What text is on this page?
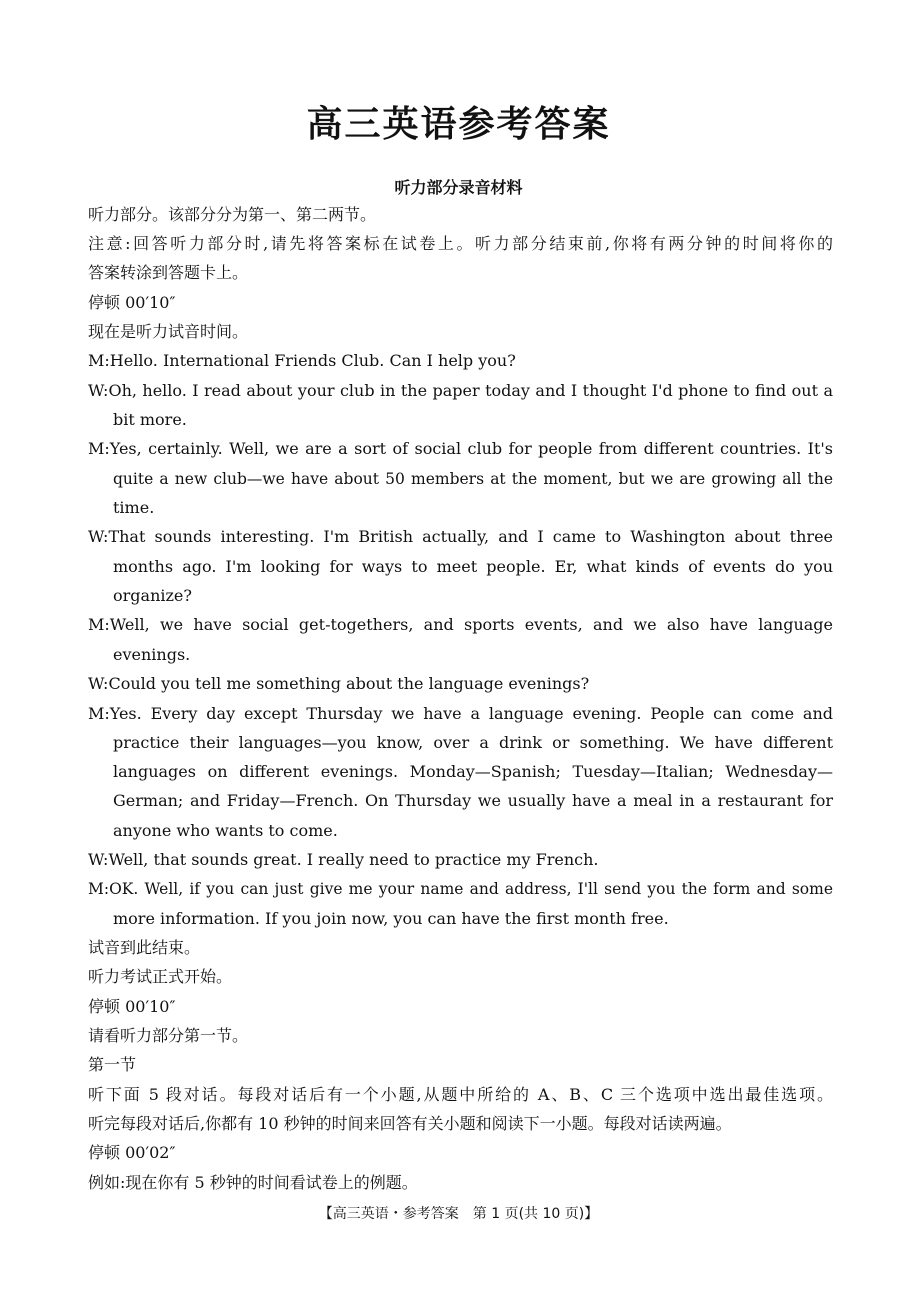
高三英语参考答案
听力部分录音材料
听力部分。该部分分为第一、第二两节。
注意:回答听力部分时,请先将答案标在试卷上。听力部分结束前,你将有两分钟的时间将你的
答案转涂到答题卡上。
停顿 00′10″
现在是听力试音时间。
M:Hello. International Friends Club. Can I help you?
W:Oh, hello. I read about your club in the paper today and I thought I'd phone to find out a
bit more.
M:Yes, certainly. Well, we are a sort of social club for people from different countries. It's
quite a new club—we have about 50 members at the moment, but we are growing all the
time.
W:That sounds interesting. I'm British actually, and I came to Washington about three
months ago. I'm looking for ways to meet people. Er, what kinds of events do you
organize?
M:Well, we have social get-togethers, and sports events, and we also have language
evenings.
W:Could you tell me something about the language evenings?
M:Yes. Every day except Thursday we have a language evening. People can come and
practice their languages—you know, over a drink or something. We have different
languages on different evenings. Monday—Spanish; Tuesday—Italian; Wednesday—
German; and Friday—French. On Thursday we usually have a meal in a restaurant for
anyone who wants to come.
W:Well, that sounds great. I really need to practice my French.
M:OK. Well, if you can just give me your name and address, I'll send you the form and some
more information. If you join now, you can have the first month free.
试音到此结束。
听力考试正式开始。
停顿 00′10″
请看听力部分第一节。
第一节
听下面 5 段对话。每段对话后有一个小题,从题中所给的 A、B、C 三个选项中选出最佳选项。
听完每段对话后,你都有 10 秒钟的时间来回答有关小题和阅读下一小题。每段对话读两遍。
停顿 00′02″
例如:现在你有 5 秒钟的时间看试卷上的例题。
【高三英语・参考答案　第 1 页(共 10 页)】
